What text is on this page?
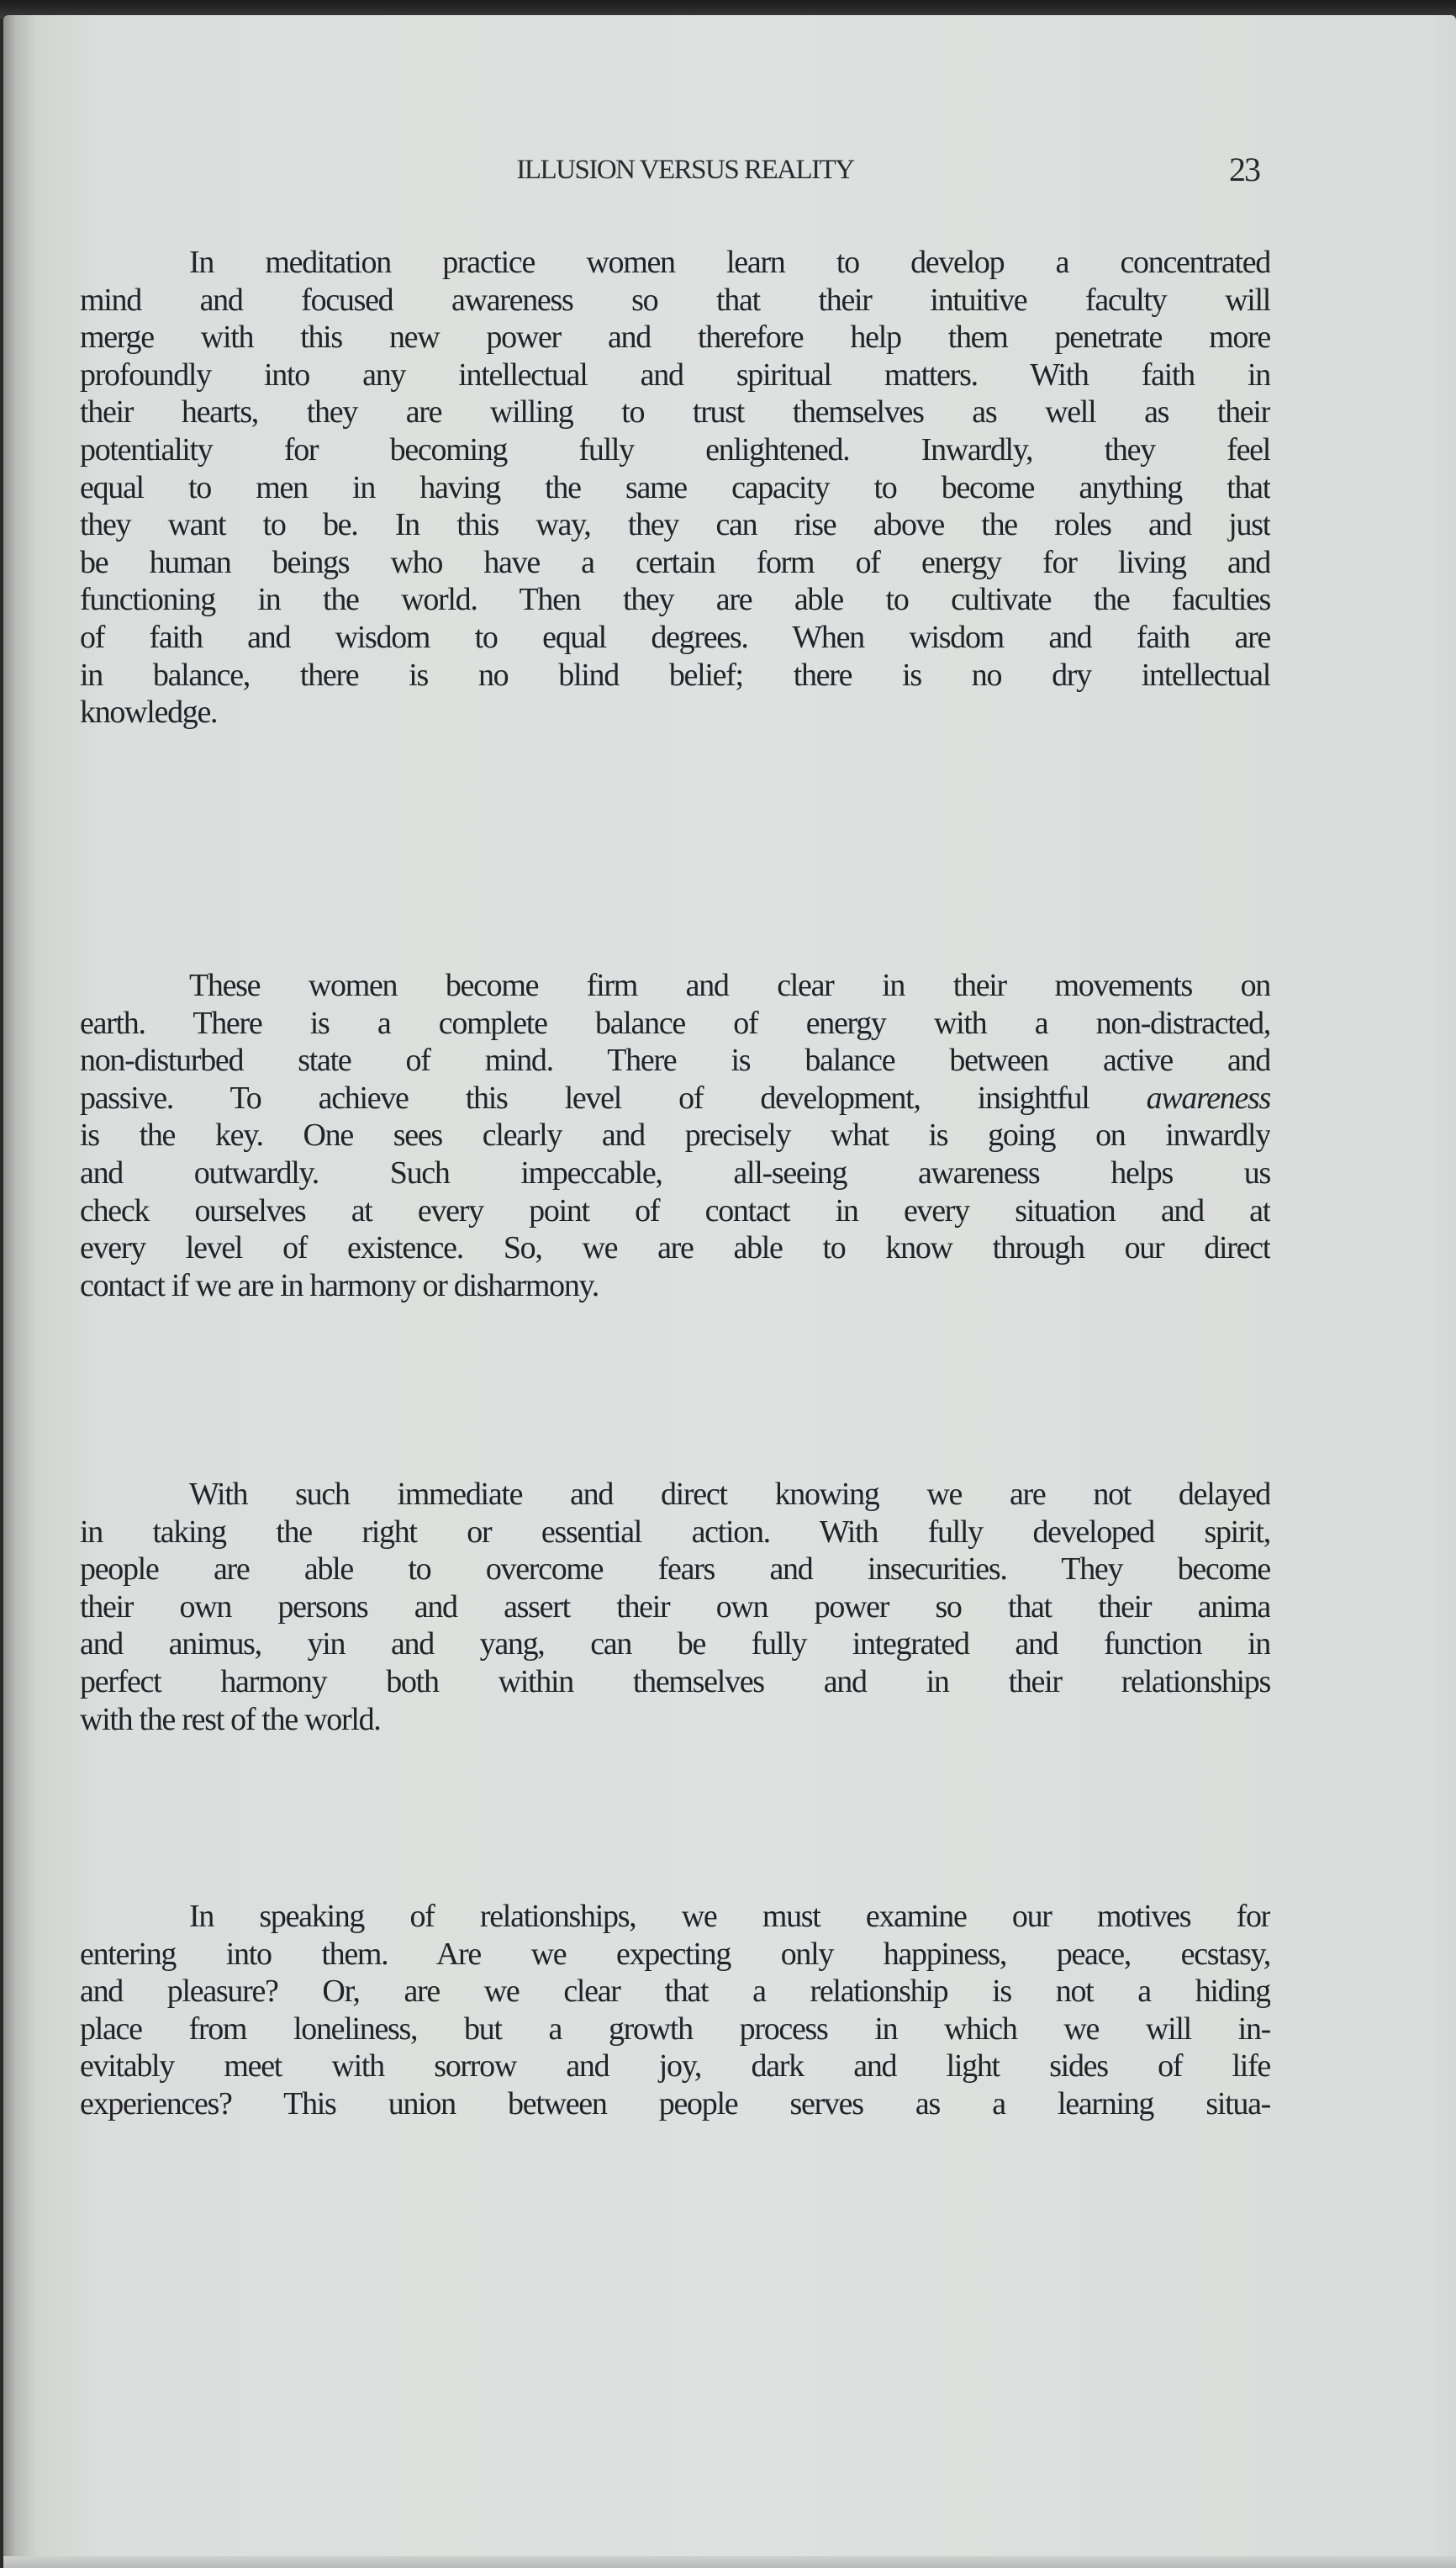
ILLUSION VERSUS REALITY	23
In meditation practice women learn to develop a concentrated
mind and focused awareness so that their intuitive faculty will
merge with this new power and therefore help them penetrate more
profoundly into any intellectual and spiritual matters. With faith in
their hearts, they are willing to trust themselves as well as their
potentiality for becoming fully enlightened. Inwardly, they feel
equal to men in having the same capacity to become anything that
they want to be. In this way, they can rise above the roles and just
be human beings who have a certain form of energy for living and
functioning in the world. Then they are able to cultivate the faculties
of faith and wisdom to equal degrees. When wisdom and faith are
in balance, there is no blind belief; there is no dry intellectual
knowledge.
These women become firm and clear in their movements on
earth. There is a complete balance of energy with a non-distracted,
non-disturbed state of mind. There is balance between active and
passive. To achieve this level of development, insightful awareness
is the key. One sees clearly and precisely what is going on inwardly
and outwardly. Such impeccable, all-seeing awareness helps us
check ourselves at every point of contact in every situation and at
every level of existence. So, we are able to know through our direct
contact if we are in harmony or disharmony.
With such immediate and direct knowing we are not delayed
in taking the right or essential action. With fully developed spirit,
people are able to overcome fears and insecurities. They become
their own persons and assert their own power so that their anima
and animus, yin and yang, can be fully integrated and function in
perfect harmony both within themselves and in their relationships
with the rest of the world.
In speaking of relationships, we must examine our motives for
entering into them. Are we expecting only happiness, peace, ecstasy,
and pleasure? Or, are we clear that a relationship is not a hiding
place from loneliness, but a growth process in which we will in-
evitably meet with sorrow and joy, dark and light sides of life
experiences? This union between people serves as a learning situa-
